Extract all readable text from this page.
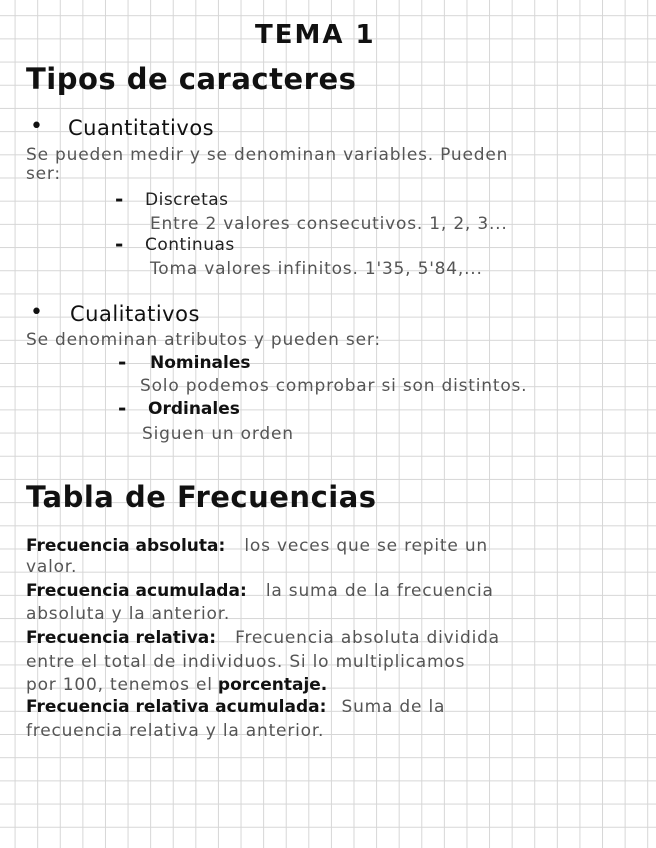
TEMA 1
Tipos de caracteres
• Cuantitativos
Se pueden medir y se denominan variables. Pueden
ser:
- Discretas
Entre 2 valores consecutivos. 1, 2, 3...
- Continuas
Toma valores infinitos. 1'35, 5'84,...
• Cualitativos
Se denominan atributos y pueden ser:
- Nominales
Solo podemos comprobar si son distintos.
- Ordinales
Siguen un orden
Tabla de Frecuencias
Frecuencia absoluta: los veces que se repite un
valor.
Frecuencia acumulada: la suma de la frecuencia
absoluta y la anterior.
Frecuencia relativa: Frecuencia absoluta dividida
entre el total de individuos. Si lo multiplicamos
por 100, tenemos el porcentaje.
Frecuencia relativa acumulada: Suma de la
frecuencia relativa y la anterior.
